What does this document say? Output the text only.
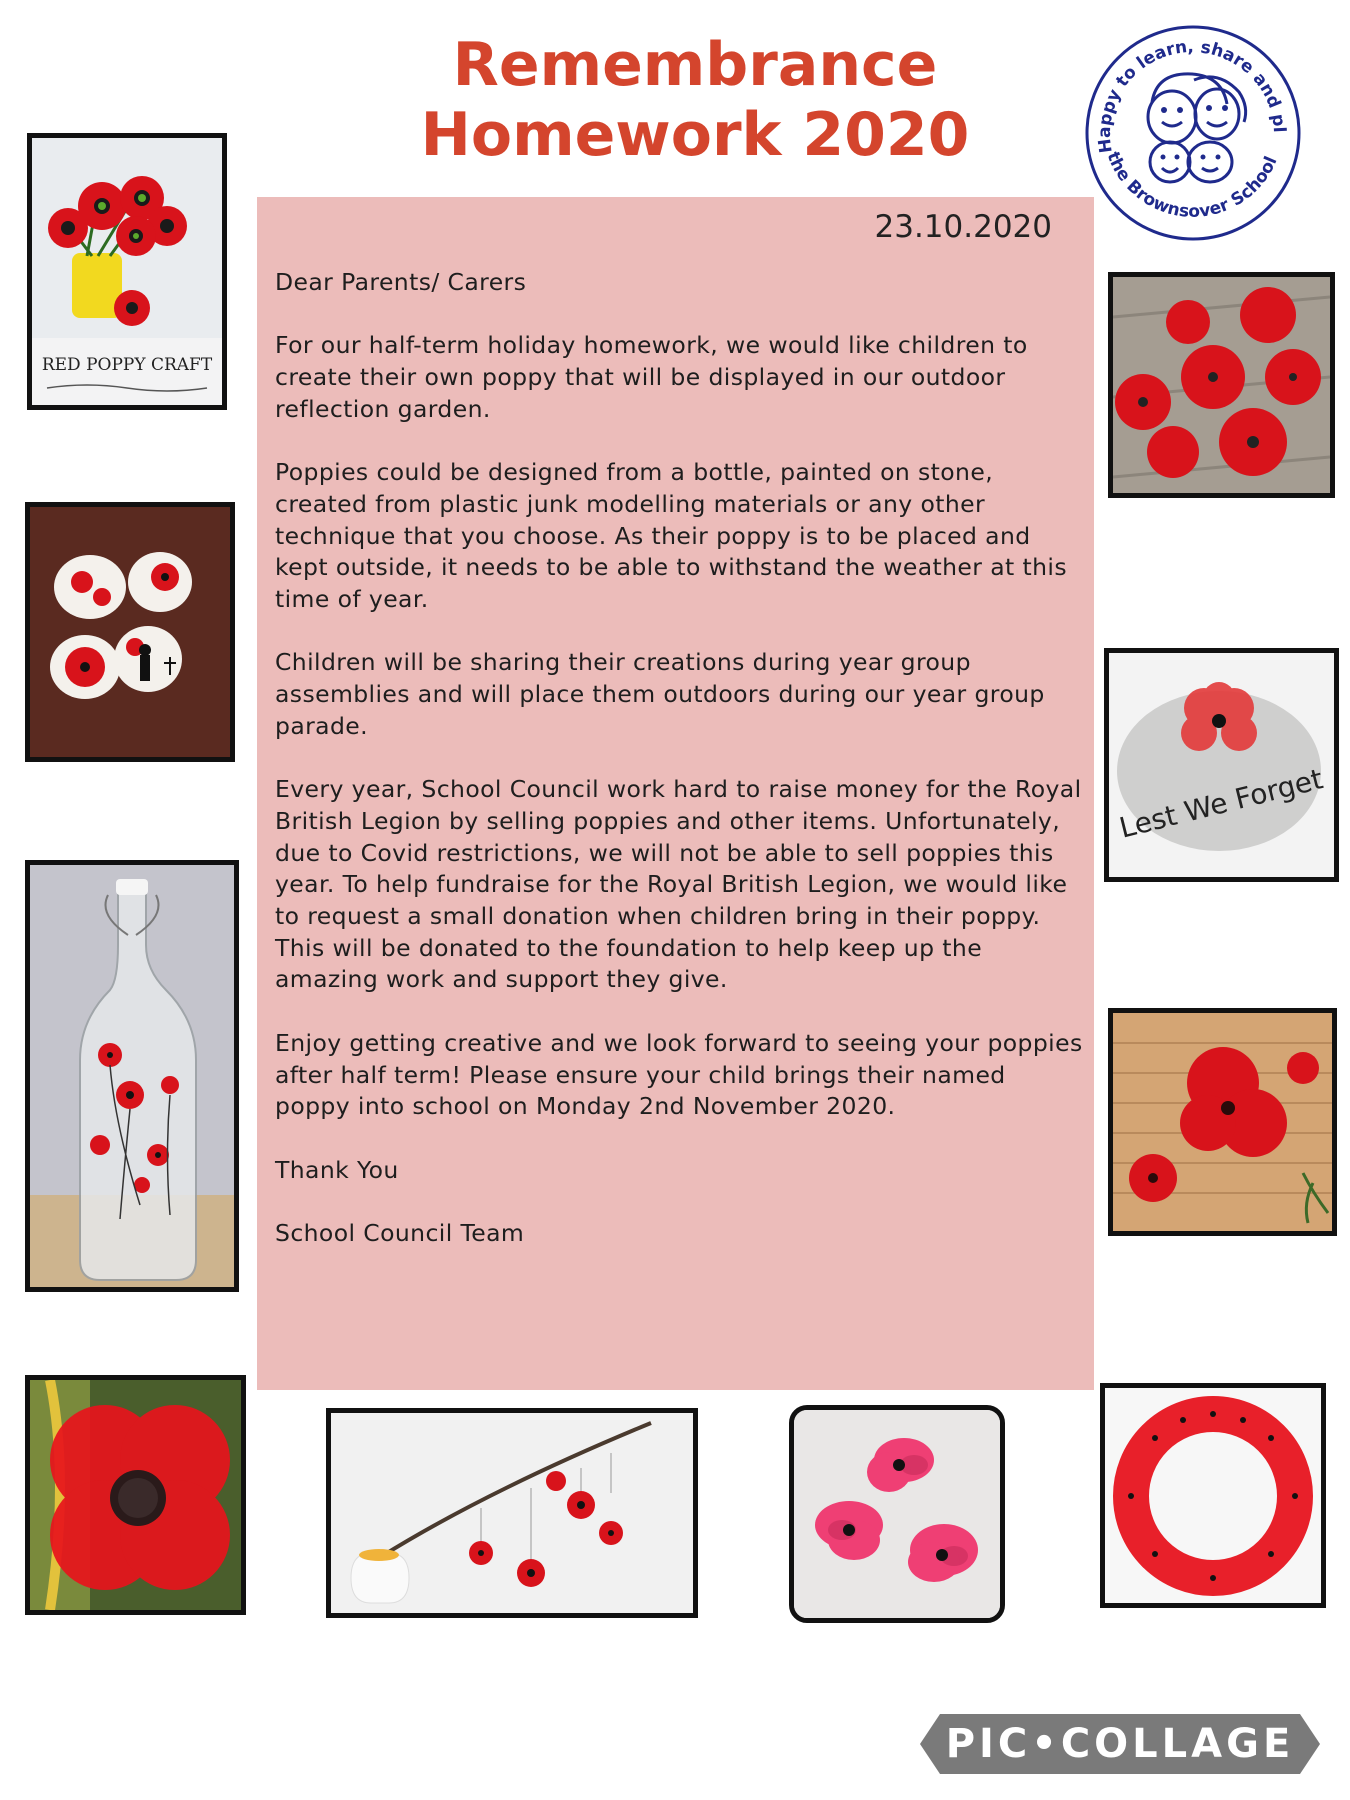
Remembrance
Homework 2020	Happy to learn, share and pl
the Brownsover School
23.10.2020

Dear Parents/ Carers

For our half-term holiday homework, we would like children to create their own poppy that will be displayed in our outdoor reflection garden.

Poppies could be designed from a bottle, painted on stone, created from plastic junk modelling materials or any other technique that you choose. As their poppy is to be placed and kept outside, it needs to be able to withstand the weather at this time of year.

Children will be sharing their creations during year group assemblies and will place them outdoors during our year group parade.

Every year, School Council work hard to raise money for the Royal British Legion by selling poppies and other items. Unfortunately, due to Covid restrictions, we will not be able to sell poppies this year. To help fundraise for the Royal British Legion, we would like to request a small donation when children bring in their poppy. This will be donated to the foundation to help keep up the amazing work and support they give.

Enjoy getting creative and we look forward to seeing your poppies after half term! Please ensure your child brings their named poppy into school on Monday 2nd November 2020.

Thank You

School Council Team

RED POPPY CRAFT
Lest We Forget
PIC•COLLAGE
